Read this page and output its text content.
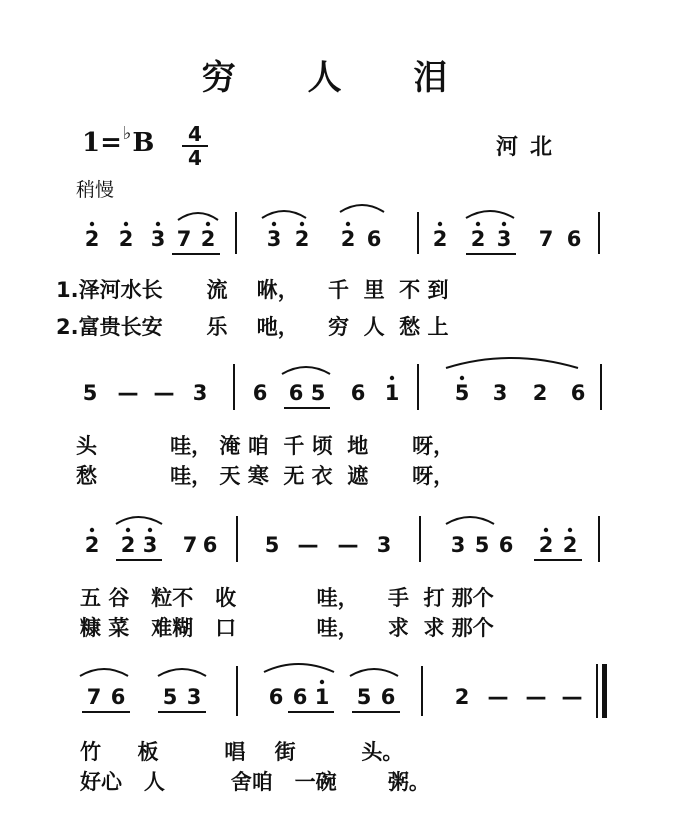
穷 人 泪
1=♭B	4
4	河北
稍慢
2 2 3 7 2 3 2 2 6 2 2 3 7 6
1.泽河水长      流    咻，    千  里  不 到
2.富贵长安      乐    吔，    穷  人  愁 上
5 — — 3 6 6 5 6 1	5 3 2 6
头          哇， 淹 咱  千 顷  地      呀，
愁          哇， 天 寒  无 衣  遮      呀，
2 2 3 7 6 5 — — 3	3 5 6 2 2
五 谷   粒不   收           哇，    手  打 那个
糠 菜   难糊   口           哇，    求  求 那个
7 6 5 3	6 6 1 5 6	2 — — —
竹     板         唱    街         头。
好心   人         舍咱   一碗       粥。
